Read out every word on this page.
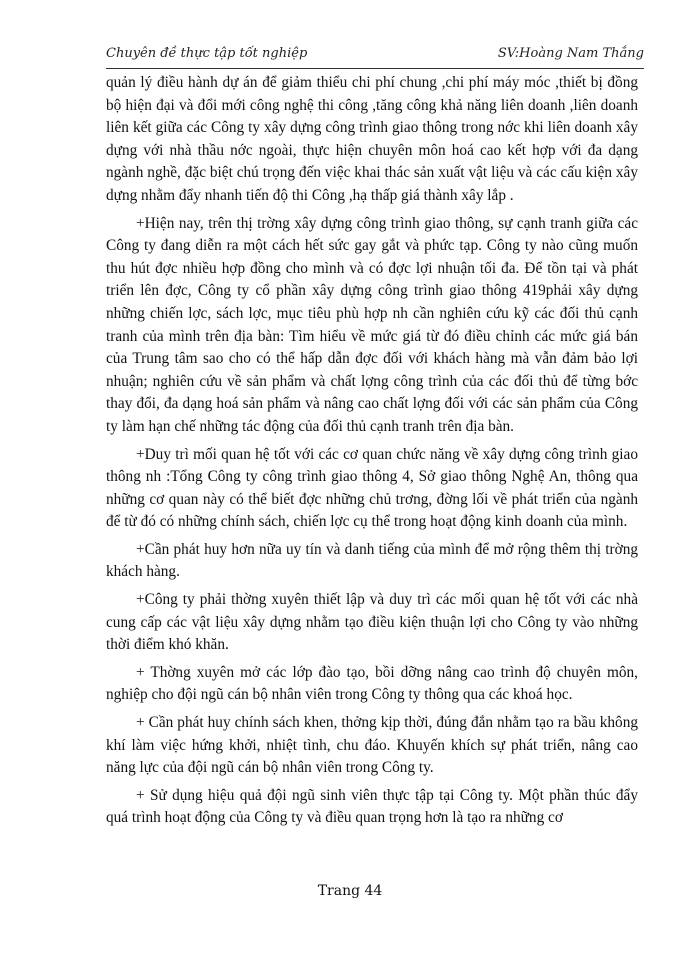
Chuyên đề thực tập tốt nghiệp	SV:Hoàng Nam Thắng

quản lý điều hành dự án để giảm thiểu chi phí chung ,chi phí máy móc ,thiết bị đồng bộ hiện đại và đổi mới công nghệ thi công ,tăng công khả năng liên doanh ,liên doanh liên kết giữa các Công ty xây dựng công trình giao thông trong nớc khi liên doanh xây dựng với nhà thầu nớc ngoài, thực hiện chuyên môn hoá cao kết hợp với đa dạng ngành nghề, đặc biệt chú trọng đến việc khai thác sản xuất vật liệu và các cấu kiện xây dựng nhằm đẩy nhanh tiến độ thi Công ,hạ thấp giá thành xây lắp .

+Hiện nay, trên thị trờng xây dựng công trình giao thông, sự cạnh tranh giữa các Công ty đang diễn ra một cách hết sức gay gắt và phức tạp. Công ty nào cũng muốn thu hút đợc nhiều hợp đồng cho mình và có đợc lợi nhuận tối đa. Để tồn tại và phát triển lên đợc, Công ty cổ phần xây dựng công trình giao thông 419phải xây dựng những chiến lợc, sách lợc, mục tiêu phù hợp nh cần nghiên cứu kỹ các đối thủ cạnh tranh của mình trên địa bàn: Tìm hiểu về mức giá từ đó điều chỉnh các mức giá bán của Trung tâm sao cho có thể hấp dẫn đợc đối với khách hàng mà vẫn đảm bảo lợi nhuận; nghiên cứu về sản phẩm và chất lợng công trình của các đối thủ để từng bớc thay đổi, đa dạng hoá sản phẩm và nâng cao chất lợng đối với các sản phẩm của Công ty làm hạn chế những tác động của đối thủ cạnh tranh trên địa bàn.

+Duy trì mối quan hệ tốt với các cơ quan chức năng về xây dựng công trình giao thông nh :Tổng Công ty công trình giao thông 4, Sở giao thông Nghệ An, thông qua những cơ quan này có thể biết đợc những chủ trơng, đờng lối về phát triển của ngành để từ đó có những chính sách, chiến lợc cụ thể trong hoạt động kinh doanh của mình.

+Cần phát huy hơn nữa uy tín và danh tiếng của mình để mở rộng thêm thị trờng khách hàng.

+Công ty phải thờng xuyên thiết lập và duy trì các mối quan hệ tốt với các nhà cung cấp các vật liệu xây dựng nhằm tạo điều kiện thuận lợi cho Công ty vào những thời điểm khó khăn.

+ Thờng xuyên mở các lớp đào tạo, bồi dỡng nâng cao trình độ chuyên môn, nghiệp cho đội ngũ cán bộ nhân viên trong Công ty thông qua các khoá học.

+ Cần phát huy chính sách khen, thởng kịp thời, đúng đắn nhằm tạo ra bầu không khí làm việc hứng khởi, nhiệt tình, chu đáo. Khuyến khích sự phát triển, nâng cao năng lực của đội ngũ cán bộ nhân viên trong Công ty.

+ Sử dụng hiệu quả đội ngũ sinh viên thực tập tại Công ty. Một phần thúc đẩy quá trình hoạt động của Công ty và điều quan trọng hơn là tạo ra những cơ

Trang 44
